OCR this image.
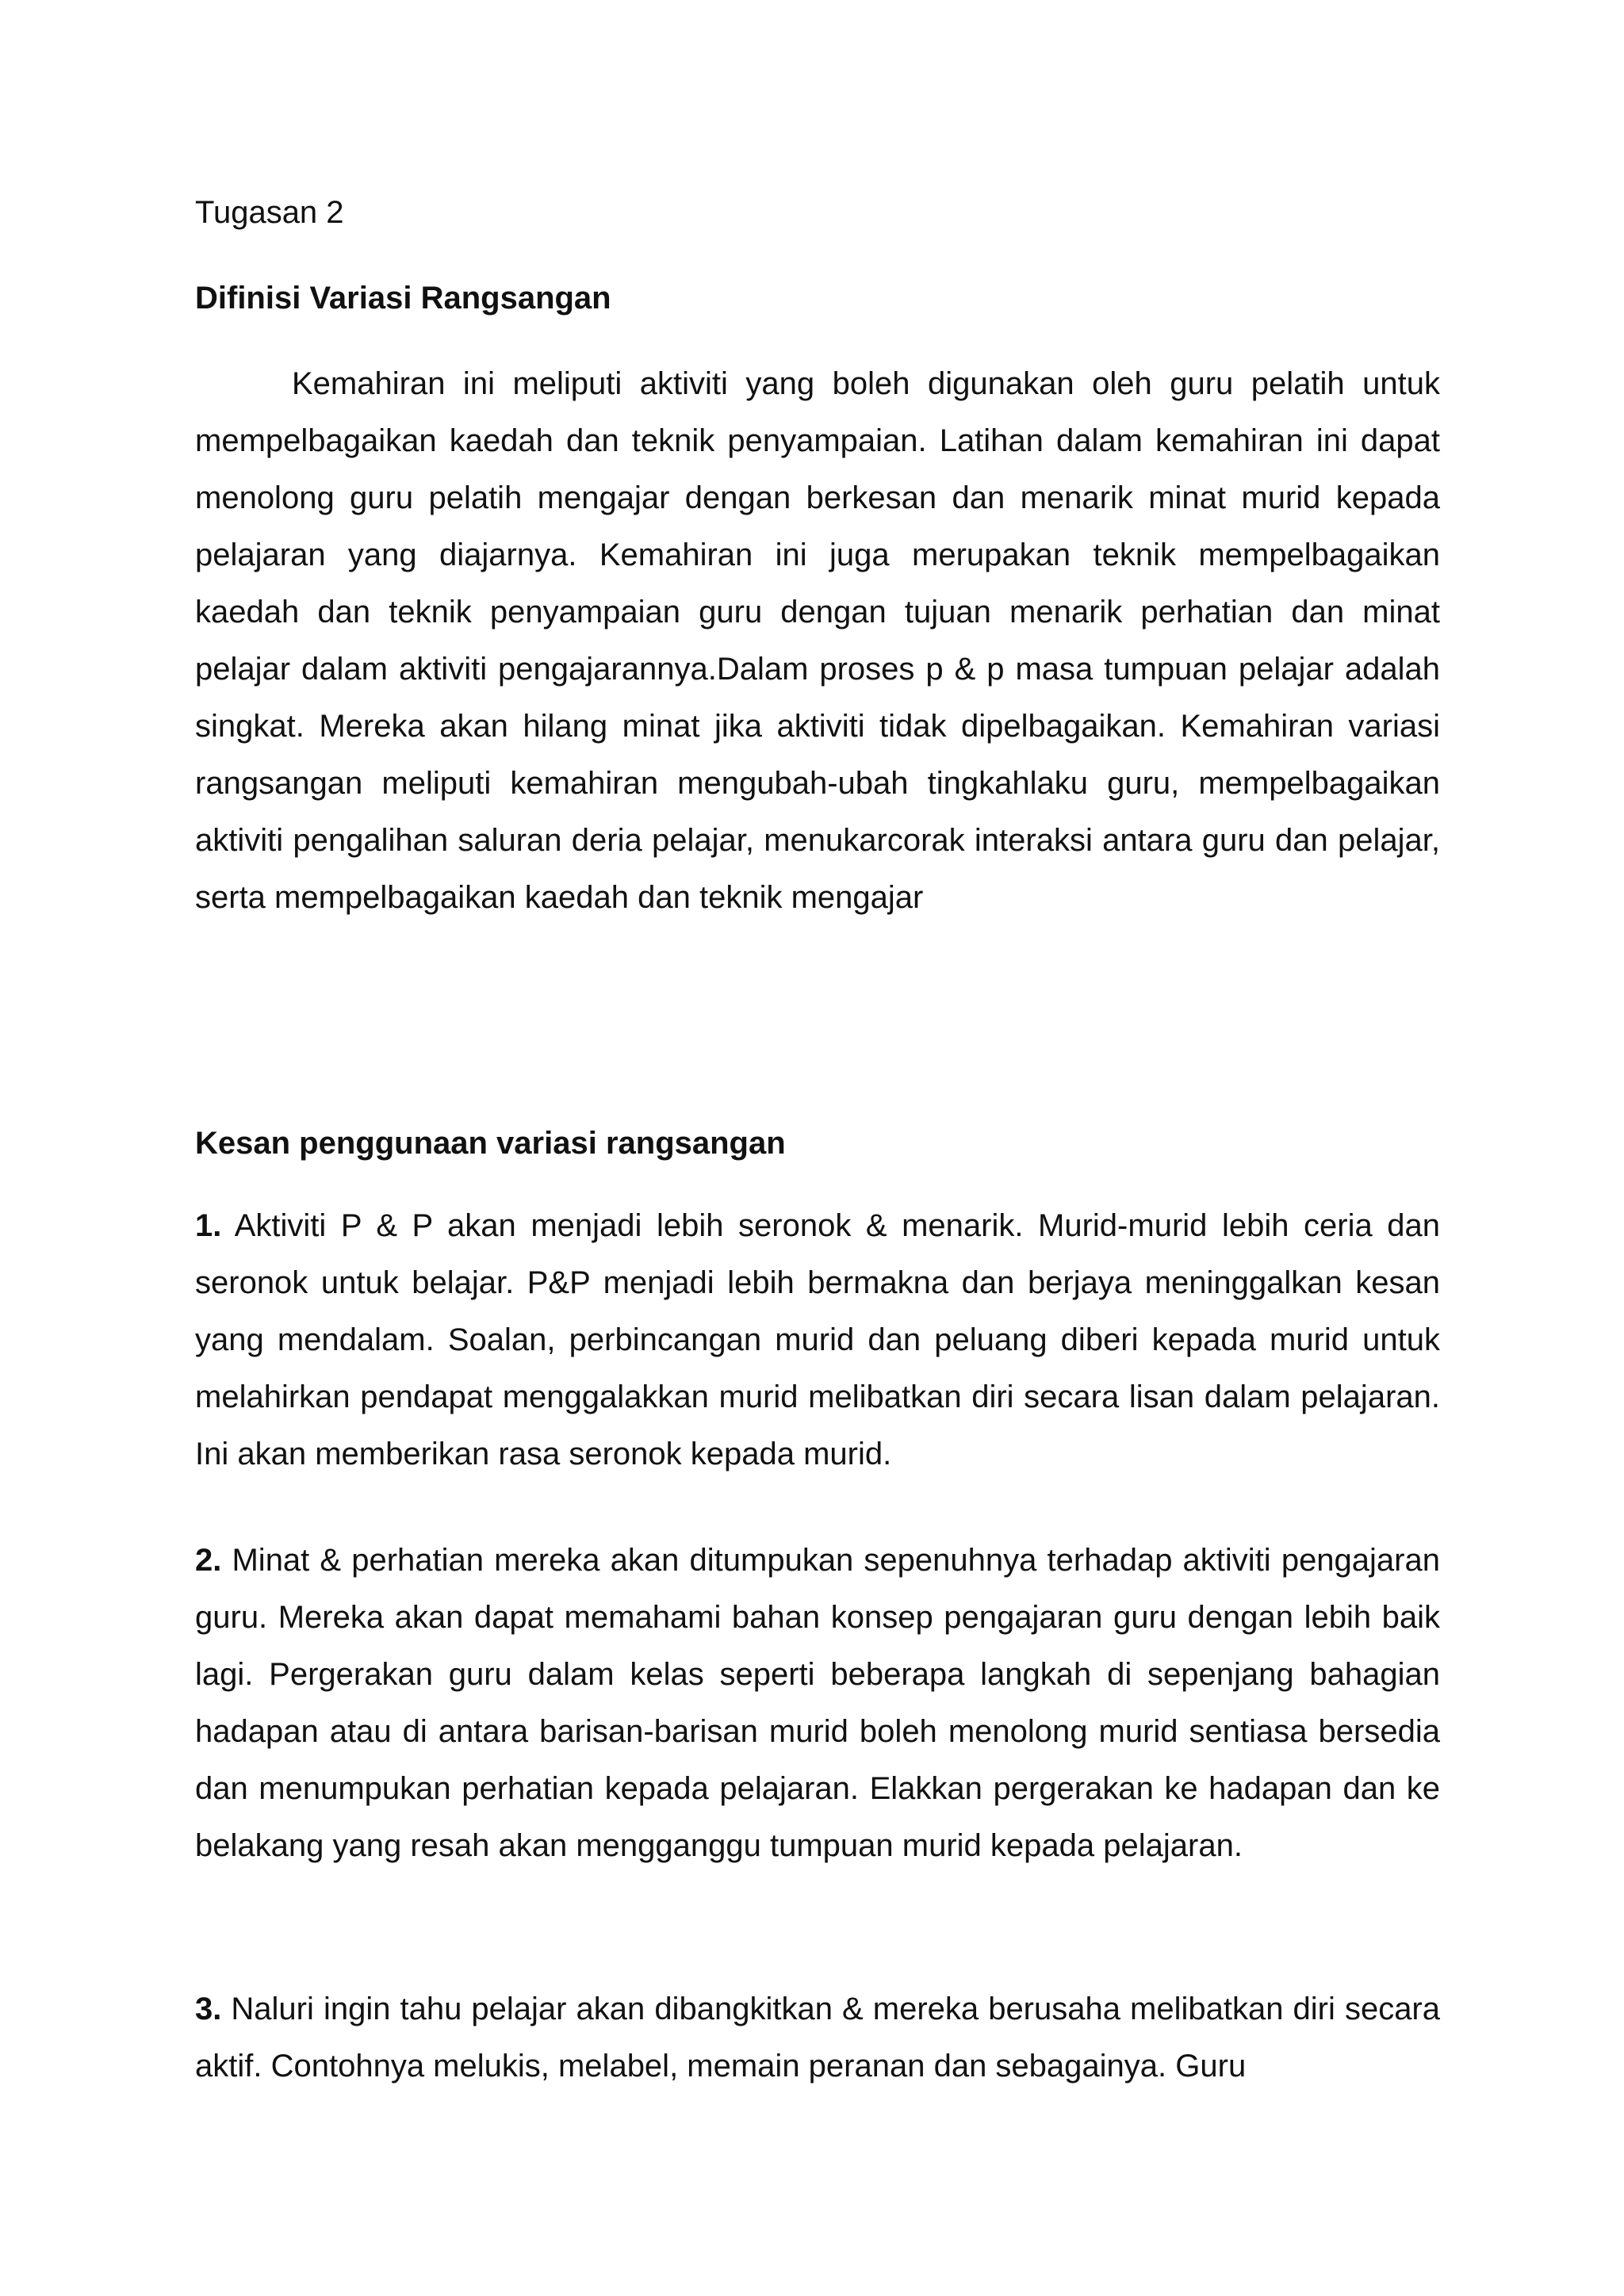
Tugasan 2

Difinisi Variasi Rangsangan

Kemahiran ini meliputi aktiviti yang boleh digunakan oleh guru pelatih untuk mempelbagaikan kaedah dan teknik penyampaian. Latihan dalam kemahiran ini dapat menolong guru pelatih mengajar dengan berkesan dan menarik minat murid kepada pelajaran yang diajarnya. Kemahiran ini juga merupakan teknik mempelbagaikan kaedah dan teknik penyampaian guru dengan tujuan menarik perhatian dan minat pelajar dalam aktiviti pengajarannya.Dalam proses p & p masa tumpuan pelajar adalah singkat. Mereka akan hilang minat jika aktiviti tidak dipelbagaikan. Kemahiran variasi rangsangan meliputi kemahiran mengubah-ubah tingkahlaku guru, mempelbagaikan aktiviti pengalihan saluran deria pelajar, menukarcorak interaksi antara guru dan pelajar, serta mempelbagaikan kaedah dan teknik mengajar

Kesan penggunaan variasi rangsangan

1. Aktiviti P & P akan menjadi lebih seronok & menarik. Murid-murid lebih ceria dan seronok untuk belajar. P&P menjadi lebih bermakna dan berjaya meninggalkan kesan yang mendalam. Soalan, perbincangan murid dan peluang diberi kepada murid untuk melahirkan pendapat menggalakkan murid melibatkan diri secara lisan dalam pelajaran. Ini akan memberikan rasa seronok kepada murid.

2. Minat & perhatian mereka akan ditumpukan sepenuhnya terhadap aktiviti pengajaran guru. Mereka akan dapat memahami bahan konsep pengajaran guru dengan lebih baik lagi. Pergerakan guru dalam kelas seperti beberapa langkah di sepenjang bahagian hadapan atau di antara barisan-barisan murid boleh menolong murid sentiasa bersedia dan menumpukan perhatian kepada pelajaran. Elakkan pergerakan ke hadapan dan ke belakang yang resah akan mengganggu tumpuan murid kepada pelajaran.

3. Naluri ingin tahu pelajar akan dibangkitkan & mereka berusaha melibatkan diri secara aktif. Contohnya melukis, melabel, memain peranan dan sebagainya. Guru
